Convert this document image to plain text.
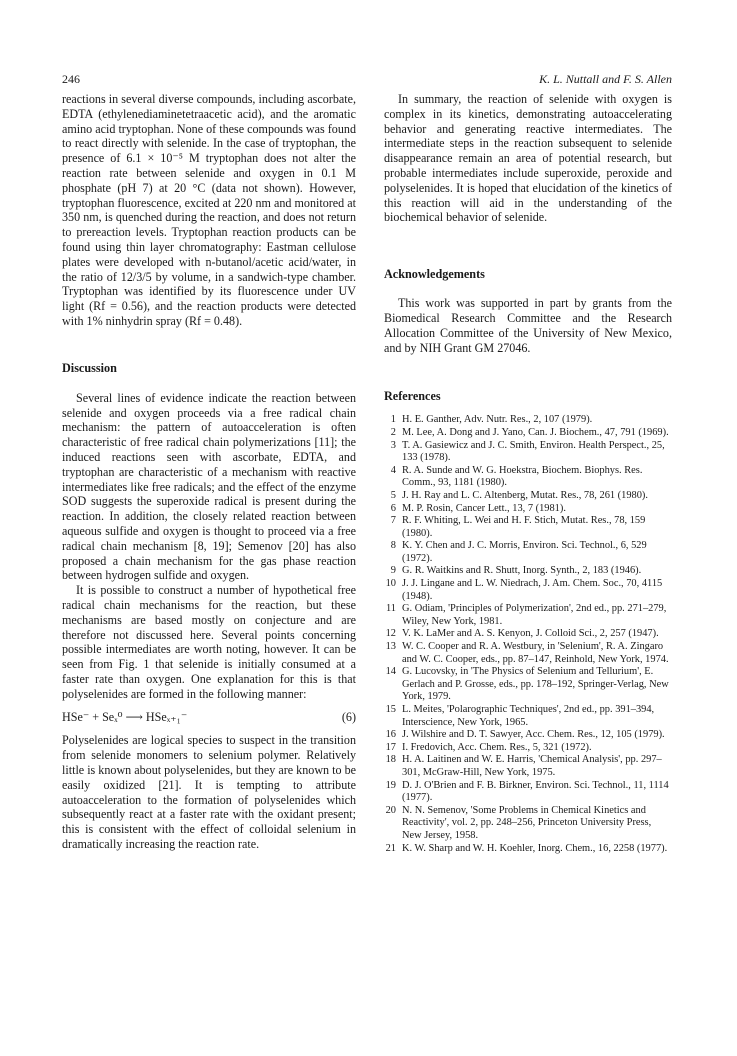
246	K. L. Nuttall and F. S. Allen

reactions in several diverse compounds, including ascorbate, EDTA (ethylenediaminetetraacetic acid), and the aromatic amino acid tryptophan. None of these compounds was found to react directly with selenide. In the case of tryptophan, the presence of 6.1 × 10⁻⁵ M tryptophan does not alter the reaction rate between selenide and oxygen in 0.1 M phosphate (pH 7) at 20 °C (data not shown). However, tryptophan fluorescence, excited at 220 nm and monitored at 350 nm, is quenched during the reaction, and does not return to prereaction levels. Tryptophan reaction products can be found using thin layer chromatography: Eastman cellulose plates were developed with n-butanol/acetic acid/water, in the ratio of 12/3/5 by volume, in a sandwich-type chamber. Tryptophan was identified by its fluorescence under UV light (Rf = 0.56), and the reaction products were detected with 1% ninhydrin spray (Rf = 0.48).

Discussion

Several lines of evidence indicate the reaction between selenide and oxygen proceeds via a free radical chain mechanism: the pattern of autoacceleration is often characteristic of free radical chain polymerizations [11]; the induced reactions seen with ascorbate, EDTA, and tryptophan are characteristic of a mechanism with reactive intermediates like free radicals; and the effect of the enzyme SOD suggests the superoxide radical is present during the reaction. In addition, the closely related reaction between aqueous sulfide and oxygen is thought to proceed via a free radical chain mechanism [8, 19]; Semenov [20] has also proposed a chain mechanism for the gas phase reaction between hydrogen sulfide and oxygen.

It is possible to construct a number of hypothetical free radical chain mechanisms for the reaction, but these mechanisms are based mostly on conjecture and are therefore not discussed here. Several points concerning possible intermediates are worth noting, however. It can be seen from Fig. 1 that selenide is initially consumed at a faster rate than oxygen. One explanation for this is that polyselenides are formed in the following manner:

HSe⁻ + Seₓ⁰ ⟶ HSeₓ₊₁⁻	(6)

Polyselenides are logical species to suspect in the transition from selenide monomers to selenium polymer. Relatively little is known about polyselenides, but they are known to be easily oxidized [21]. It is tempting to attribute autoacceleration to the formation of polyselenides which subsequently react at a faster rate with the oxidant present; this is consistent with the effect of colloidal selenium in dramatically increasing the reaction rate.

In summary, the reaction of selenide with oxygen is complex in its kinetics, demonstrating autoaccelerating behavior and generating reactive intermediates. The intermediate steps in the reaction subsequent to selenide disappearance remain an area of potential research, but probable intermediates include superoxide, peroxide and polyselenides. It is hoped that elucidation of the kinetics of this reaction will aid in the understanding of the biochemical behavior of selenide.

Acknowledgements

This work was supported in part by grants from the Biomedical Research Committee and the Research Allocation Committee of the University of New Mexico, and by NIH Grant GM 27046.

References

1 H. E. Ganther, Adv. Nutr. Res., 2, 107 (1979).
2 M. Lee, A. Dong and J. Yano, Can. J. Biochem., 47, 791 (1969).
3 T. A. Gasiewicz and J. C. Smith, Environ. Health Perspect., 25, 133 (1978).
4 R. A. Sunde and W. G. Hoekstra, Biochem. Biophys. Res. Comm., 93, 1181 (1980).
5 J. H. Ray and L. C. Altenberg, Mutat. Res., 78, 261 (1980).
6 M. P. Rosin, Cancer Lett., 13, 7 (1981).
7 R. F. Whiting, L. Wei and H. F. Stich, Mutat. Res., 78, 159 (1980).
8 K. Y. Chen and J. C. Morris, Environ. Sci. Technol., 6, 529 (1972).
9 G. R. Waitkins and R. Shutt, Inorg. Synth., 2, 183 (1946).
10 J. J. Lingane and L. W. Niedrach, J. Am. Chem. Soc., 70, 4115 (1948).
11 G. Odiam, 'Principles of Polymerization', 2nd ed., pp. 271–279, Wiley, New York, 1981.
12 V. K. LaMer and A. S. Kenyon, J. Colloid Sci., 2, 257 (1947).
13 W. C. Cooper and R. A. Westbury, in 'Selenium', R. A. Zingaro and W. C. Cooper, eds., pp. 87–147, Reinhold, New York, 1974.
14 G. Lucovsky, in 'The Physics of Selenium and Tellurium', E. Gerlach and P. Grosse, eds., pp. 178–192, Springer-Verlag, New York, 1979.
15 L. Meites, 'Polarographic Techniques', 2nd ed., pp. 391–394, Interscience, New York, 1965.
16 J. Wilshire and D. T. Sawyer, Acc. Chem. Res., 12, 105 (1979).
17 I. Fredovich, Acc. Chem. Res., 5, 321 (1972).
18 H. A. Laitinen and W. E. Harris, 'Chemical Analysis', pp. 297–301, McGraw-Hill, New York, 1975.
19 D. J. O'Brien and F. B. Birkner, Environ. Sci. Technol., 11, 1114 (1977).
20 N. N. Semenov, 'Some Problems in Chemical Kinetics and Reactivity', vol. 2, pp. 248–256, Princeton University Press, New Jersey, 1958.
21 K. W. Sharp and W. H. Koehler, Inorg. Chem., 16, 2258 (1977).
